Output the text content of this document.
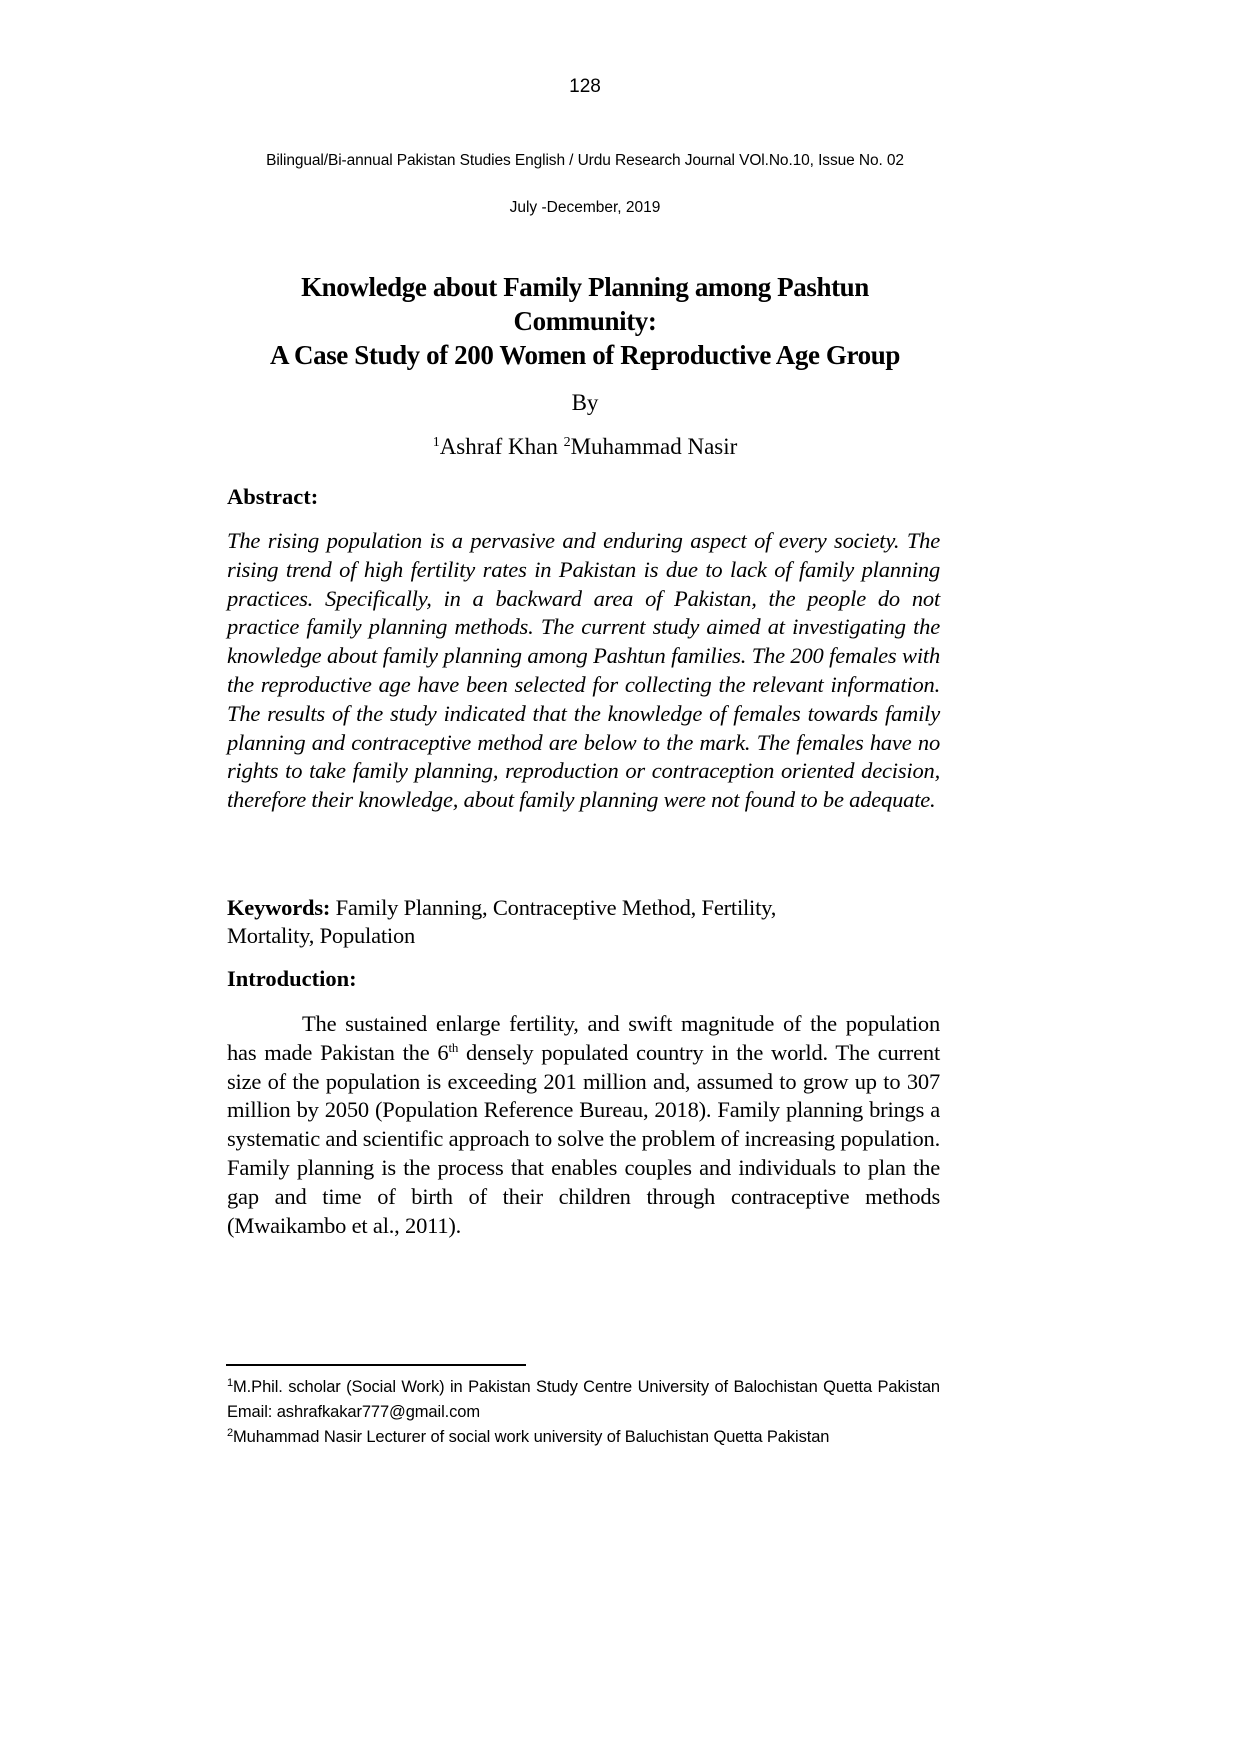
128
Bilingual/Bi-annual Pakistan Studies English / Urdu Research Journal VOl.No.10, Issue No. 02
July -December, 2019
Knowledge about Family Planning among Pashtun
Community:
A Case Study of 200 Women of Reproductive Age Group
By
$^1$Ashraf Khan $^2$Muhammad Nasir
Abstract:
The rising population is a pervasive and enduring aspect of every society. The rising trend of high fertility rates in Pakistan is due to lack of family planning practices. Specifically, in a backward area of Pakistan, the people do not practice family planning methods. The current study aimed at investigating the knowledge about family planning among Pashtun families. The 200 females with the reproductive age have been selected for collecting the relevant information. The results of the study indicated that the knowledge of females towards family planning and contraceptive method are below to the mark. The females have no rights to take family planning, reproduction or contraception oriented decision, therefore their knowledge, about family planning were not found to be adequate.
Keywords: Family Planning, Contraceptive Method, Fertility,
Mortality, Population
Introduction:
The sustained enlarge fertility, and swift magnitude of the population has made Pakistan the 6th densely populated country in the world. The current size of the population is exceeding 201 million and, assumed to grow up to 307 million by 2050 (Population Reference Bureau, 2018). Family planning brings a systematic and scientific approach to solve the problem of increasing population. Family planning is the process that enables couples and individuals to plan the gap and time of birth of their children through contraceptive methods (Mwaikambo et al., 2011).

$^1$M.Phil. scholar (Social Work) in Pakistan Study Centre University of Balochistan Quetta Pakistan Email: ashrafkakar777@gmail.com

$^2$Muhammad Nasir Lecturer of social work university of Baluchistan Quetta Pakistan
